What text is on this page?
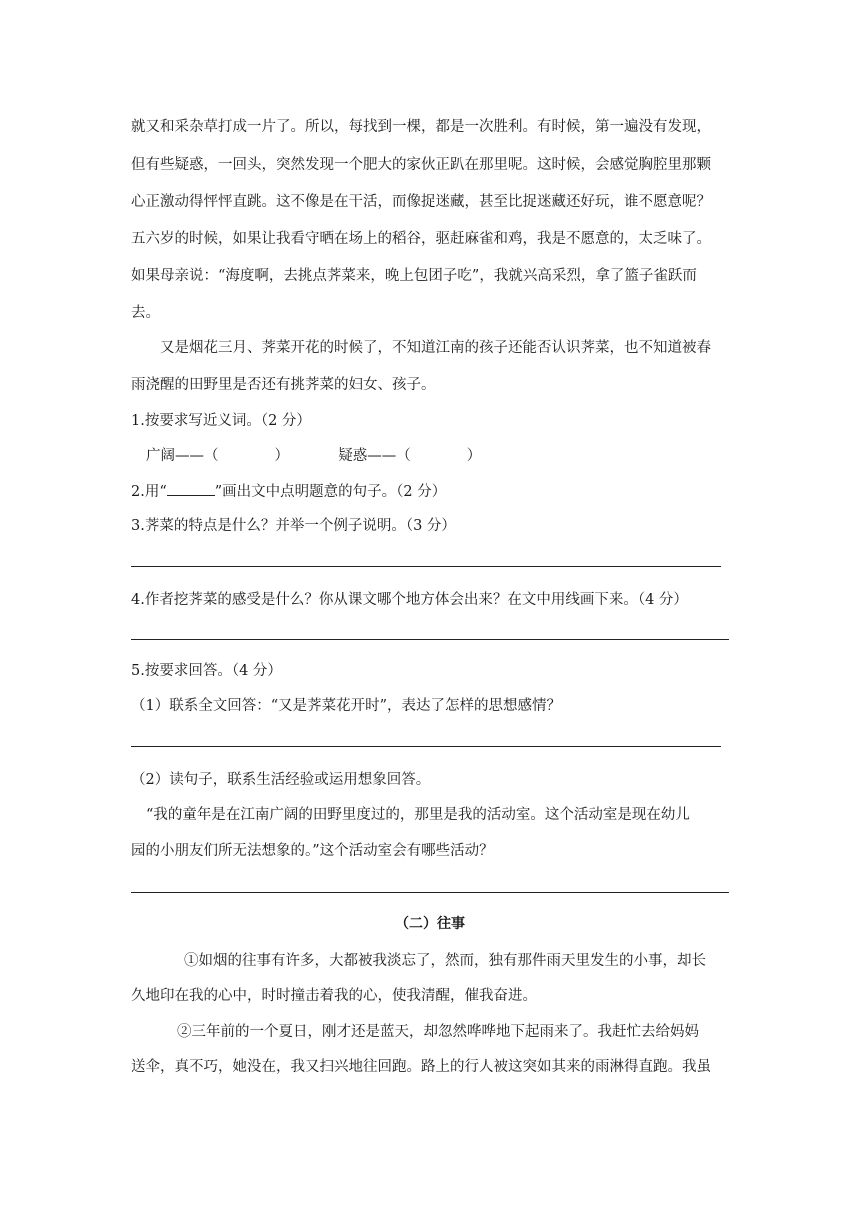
就又和采杂草打成一片了。所以，每找到一棵，都是一次胜利。有时候，第一遍没有发现，
但有些疑惑，一回头，突然发现一个肥大的家伙正趴在那里呢。这时候，会感觉胸腔里那颗
心正激动得怦怦直跳。这不像是在干活，而像捉迷藏，甚至比捉迷藏还好玩，谁不愿意呢？
五六岁的时候，如果让我看守晒在场上的稻谷，驱赶麻雀和鸡，我是不愿意的，太乏味了。
如果母亲说：“海度啊，去挑点荠菜来，晚上包团子吃”，我就兴高采烈，拿了篮子雀跃而
去。
又是烟花三月、荠菜开花的时候了，不知道江南的孩子还能否认识荠菜，也不知道被春
雨浇醒的田野里是否还有挑荠菜的妇女、孩子。
1.按要求写近义词。（2 分）
广阔——（	）	疑惑——（	）
2.用“	”画出文中点明题意的句子。（2 分）
3.荠菜的特点是什么？并举一个例子说明。（3 分）
4.作者挖荠菜的感受是什么？你从课文哪个地方体会出来？在文中用线画下来。（4 分）
5.按要求回答。（4 分）
（1）联系全文回答：“又是荠菜花开时”，表达了怎样的思想感情？
（2）读句子，联系生活经验或运用想象回答。
“我的童年是在江南广阔的田野里度过的，那里是我的活动室。这个活动室是现在幼儿
园的小朋友们所无法想象的。”这个活动室会有哪些活动？
（二）往事
①如烟的往事有许多，大都被我淡忘了，然而，独有那件雨天里发生的小事，却长
久地印在我的心中，时时撞击着我的心，使我清醒，催我奋进。
②三年前的一个夏日，刚才还是蓝天，却忽然哗哗地下起雨来了。我赶忙去给妈妈
送伞，真不巧，她没在，我又扫兴地往回跑。路上的行人被这突如其来的雨淋得直跑。我虽
